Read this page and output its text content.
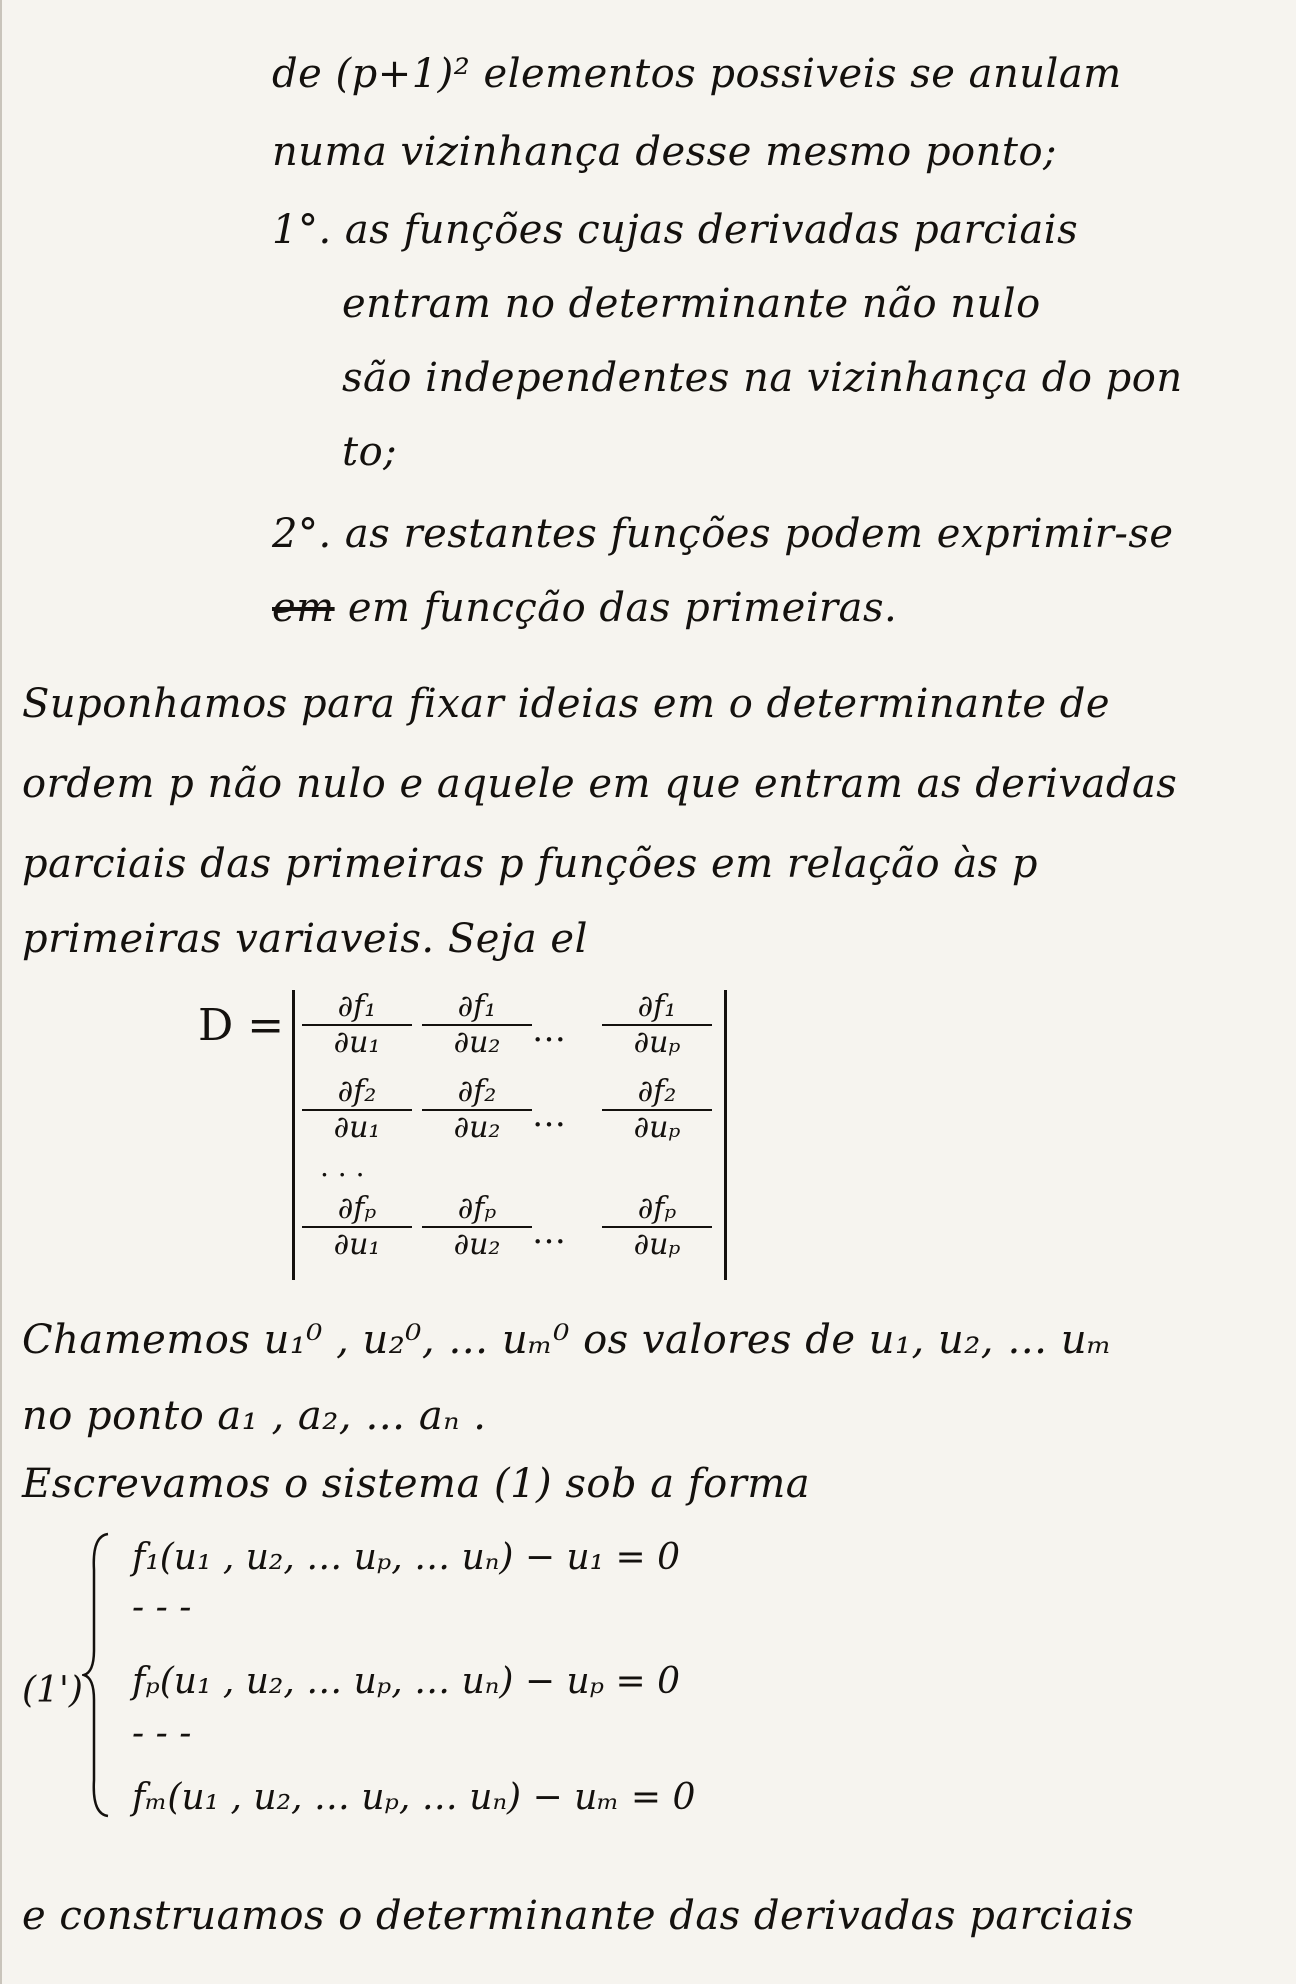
de (p+1)² elementos possiveis se anulam
numa vizinhança desse mesmo ponto;
1°. as funções cujas derivadas parciais
entram no determinante não nulo
são independentes na vizinhança do pon
to;
2°. as restantes funções podem exprimir-se
em em funcção das primeiras.
Suponhamos para fixar ideias em o determinante de
ordem p não nulo e aquele em que entram as derivadas
parciais das primeiras p funções em relação às p
primeiras variaveis. Seja el
$D = \frac{\text{∂f₁}}{\text{∂u₁}} \frac{\text{∂f₁}}{\text{∂u₂}}$ … $\frac{\text{∂f₁}}{\text{∂uₚ}}$
$\frac{\text{∂f₂}}{\text{∂u₁}} \frac{\text{∂f₂}}{\text{∂u₂}}$ … $\frac{\text{∂f₂}}{\text{∂uₚ}}$
. . .
$\frac{\text{∂fₚ}}{\text{∂u₁}} \frac{\text{∂fₚ}}{\text{∂u₂}}$ … $\frac{\text{∂fₚ}}{\text{∂uₚ}}$
Chamemos u₁⁰ , u₂⁰, … uₘ⁰ os valores de u₁, u₂, … uₘ
no ponto a₁ , a₂, … aₙ .
Escrevamos o sistema (1) sob a forma
(1')
f₁(u₁ , u₂, … uₚ, … uₙ) − u₁ = 0
- - -
fₚ(u₁ , u₂, … uₚ, … uₙ) − uₚ = 0
- - -
fₘ(u₁ , u₂, … uₚ, … uₙ) − uₘ = 0
e construamos o determinante das derivadas parciais
